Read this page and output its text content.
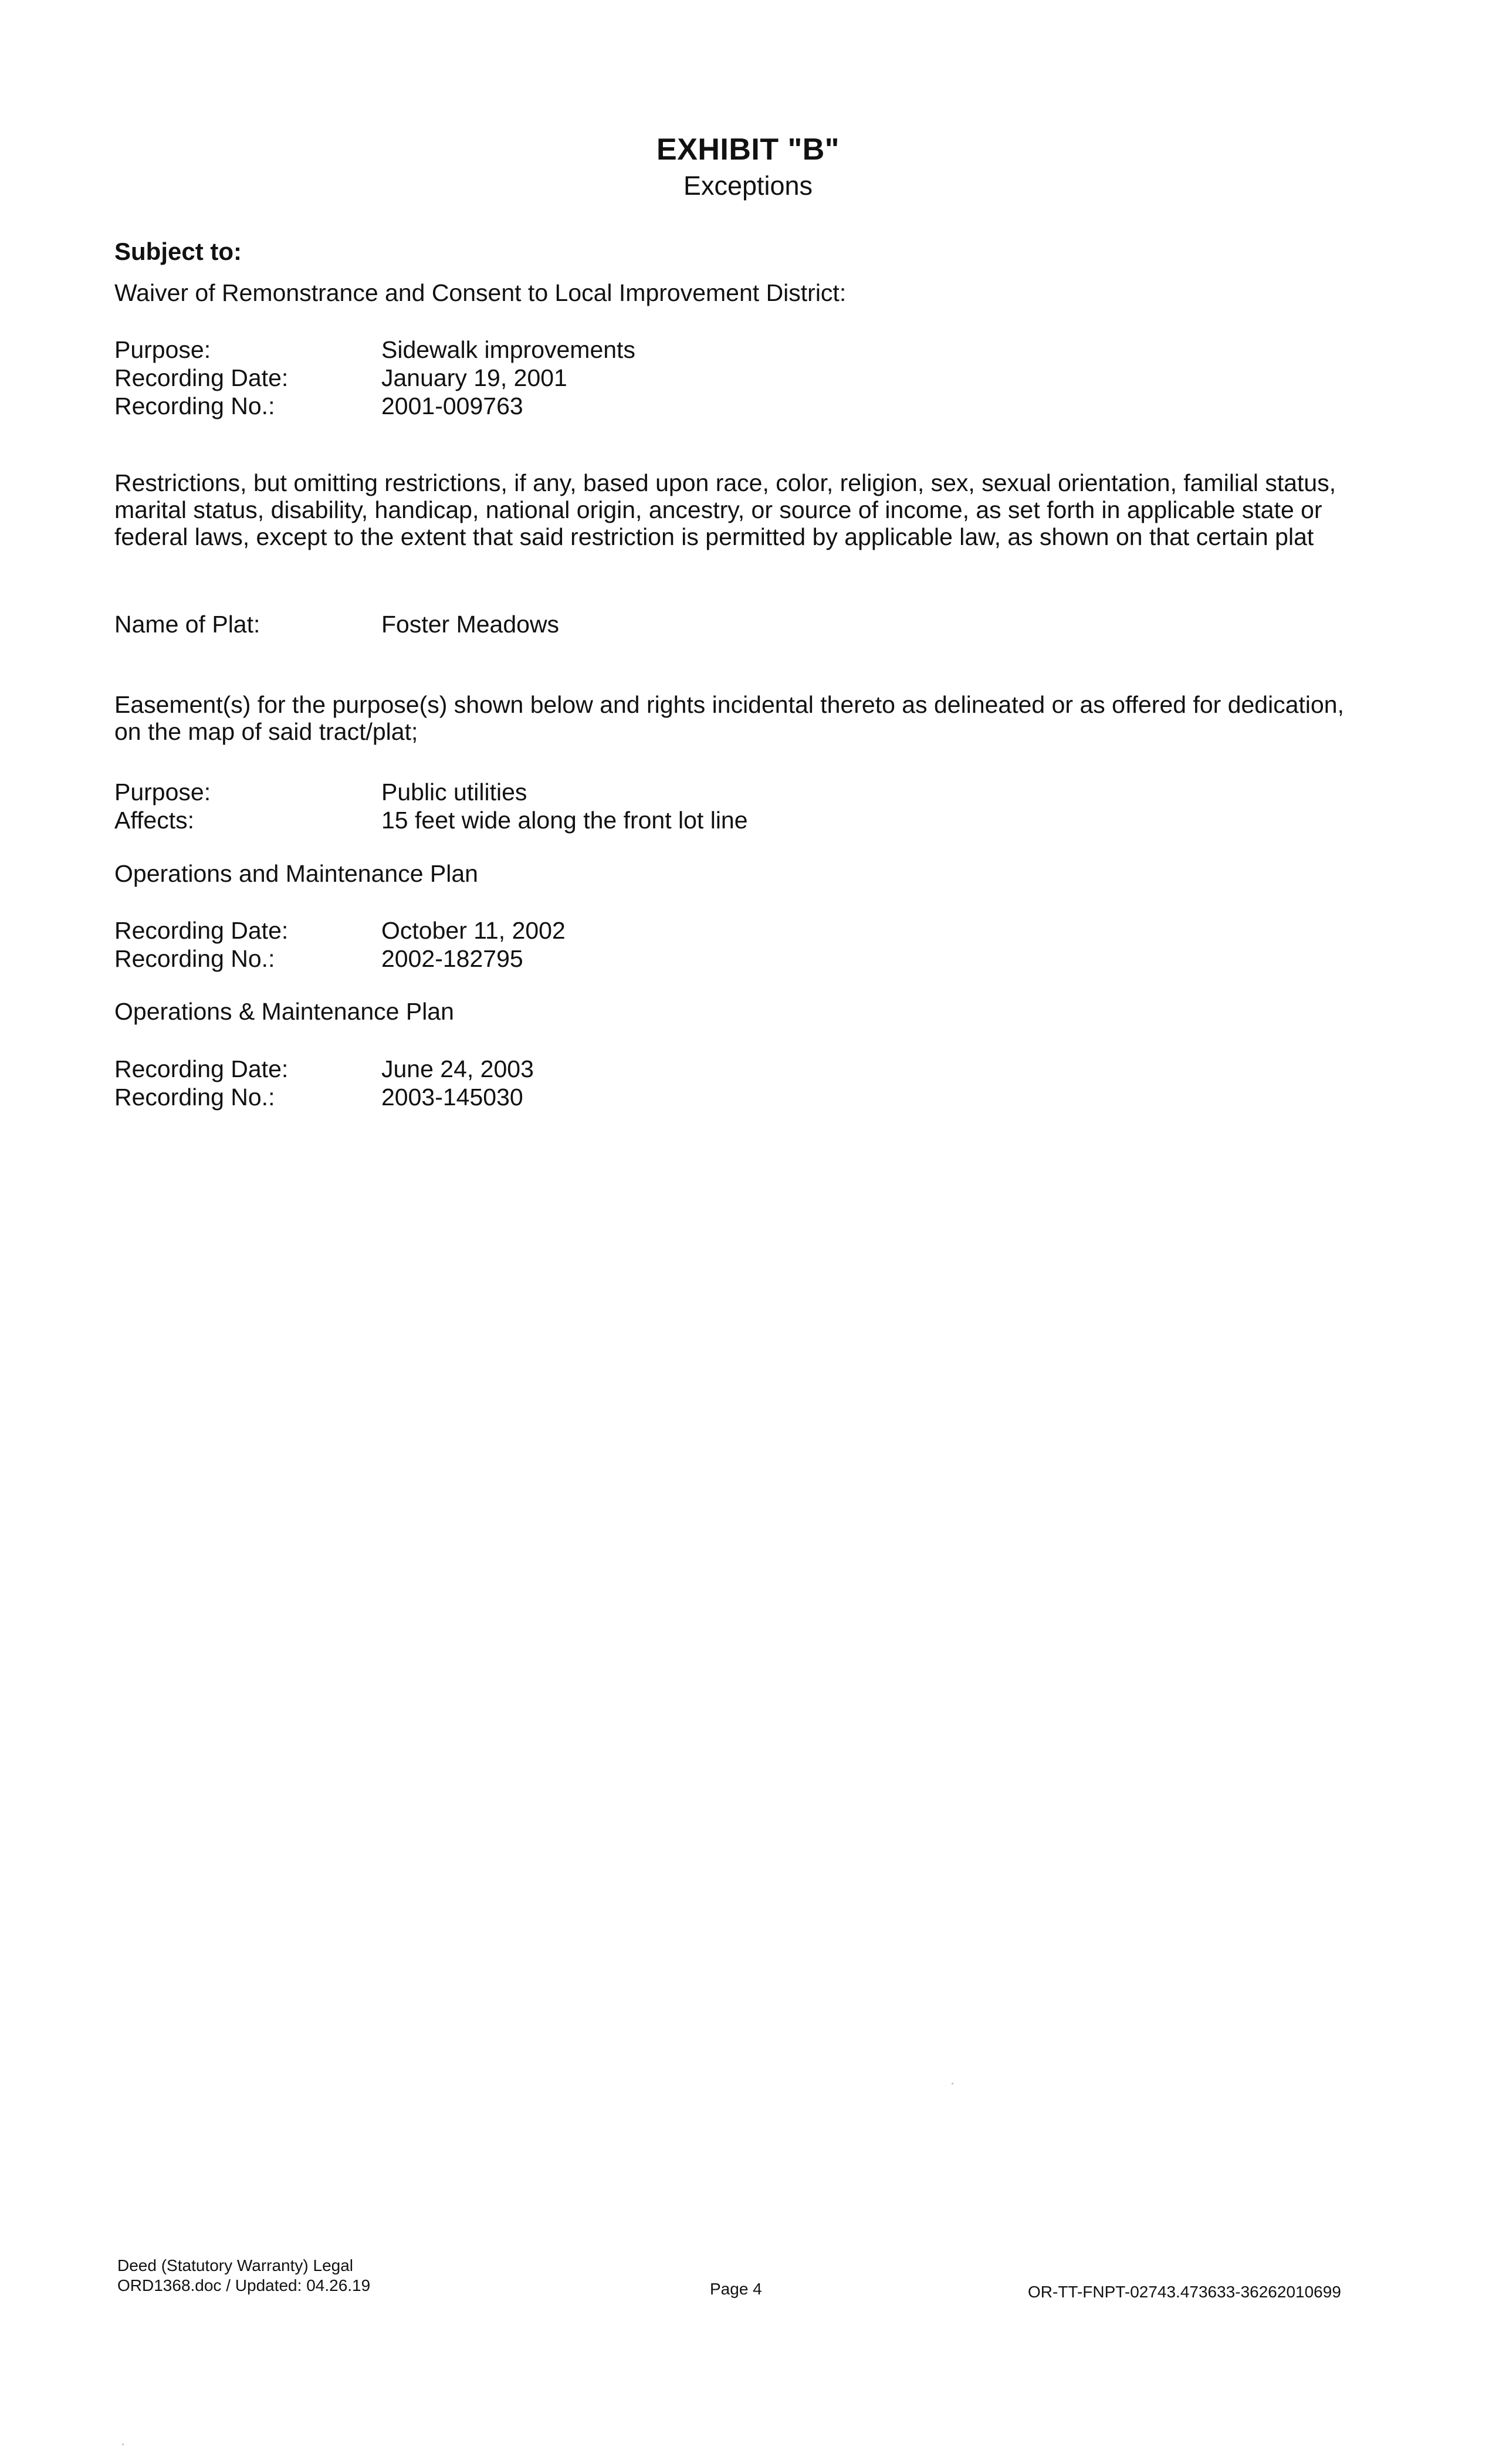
EXHIBIT "B"
Exceptions
Subject to:
Waiver of Remonstrance and Consent to Local Improvement District:
Purpose:	Sidewalk improvements
Recording Date:	January 19, 2001
Recording No.:	2001-009763
Restrictions, but omitting restrictions, if any, based upon race, color, religion, sex, sexual orientation, familial status, marital status, disability, handicap, national origin, ancestry, or source of income, as set forth in applicable state or federal laws, except to the extent that said restriction is permitted by applicable law, as shown on that certain plat
Name of Plat:	Foster Meadows
Easement(s) for the purpose(s) shown below and rights incidental thereto as delineated or as offered for dedication, on the map of said tract/plat;
Purpose:	Public utilities
Affects:	15 feet wide along the front lot line
Operations and Maintenance Plan
Recording Date:	October 11, 2002
Recording No.:	2002-182795
Operations & Maintenance Plan
Recording Date:	June 24, 2003
Recording No.:	2003-145030
Deed (Statutory Warranty) Legal
ORD1368.doc / Updated: 04.26.19	Page 4	OR-TT-FNPT-02743.473633-36262010699
